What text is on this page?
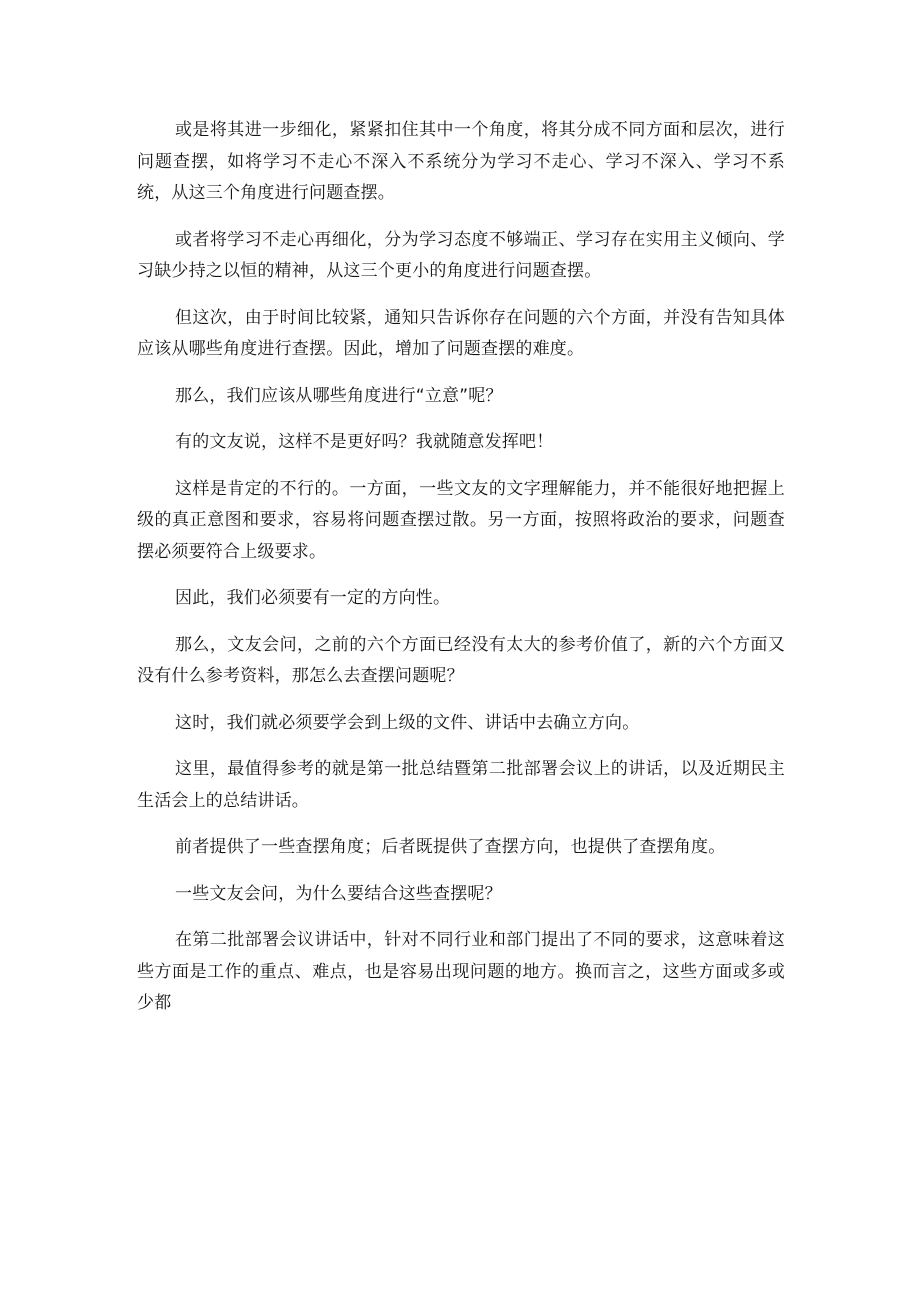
或是将其进一步细化，紧紧扣住其中一个角度，将其分成不同方面和层次，进行问题查摆，如将学习不走心不深入不系统分为学习不走心、学习不深入、学习不系统，从这三个角度进行问题查摆。

或者将学习不走心再细化，分为学习态度不够端正、学习存在实用主义倾向、学习缺少持之以恒的精神，从这三个更小的角度进行问题查摆。

但这次，由于时间比较紧，通知只告诉你存在问题的六个方面，并没有告知具体应该从哪些角度进行查摆。因此，增加了问题查摆的难度。

那么，我们应该从哪些角度进行“立意”呢？

有的文友说，这样不是更好吗？我就随意发挥吧！

这样是肯定的不行的。一方面，一些文友的文字理解能力，并不能很好地把握上级的真正意图和要求，容易将问题查摆过散。另一方面，按照将政治的要求，问题查摆必须要符合上级要求。

因此，我们必须要有一定的方向性。

那么，文友会问，之前的六个方面已经没有太大的参考价值了，新的六个方面又没有什么参考资料，那怎么去查摆问题呢？

这时，我们就必须要学会到上级的文件、讲话中去确立方向。

这里，最值得参考的就是第一批总结暨第二批部署会议上的讲话，以及近期民主生活会上的总结讲话。

前者提供了一些查摆角度；后者既提供了查摆方向，也提供了查摆角度。

一些文友会问，为什么要结合这些查摆呢？

在第二批部署会议讲话中，针对不同行业和部门提出了不同的要求，这意味着这些方面是工作的重点、难点，也是容易出现问题的地方。换而言之，这些方面或多或少都
